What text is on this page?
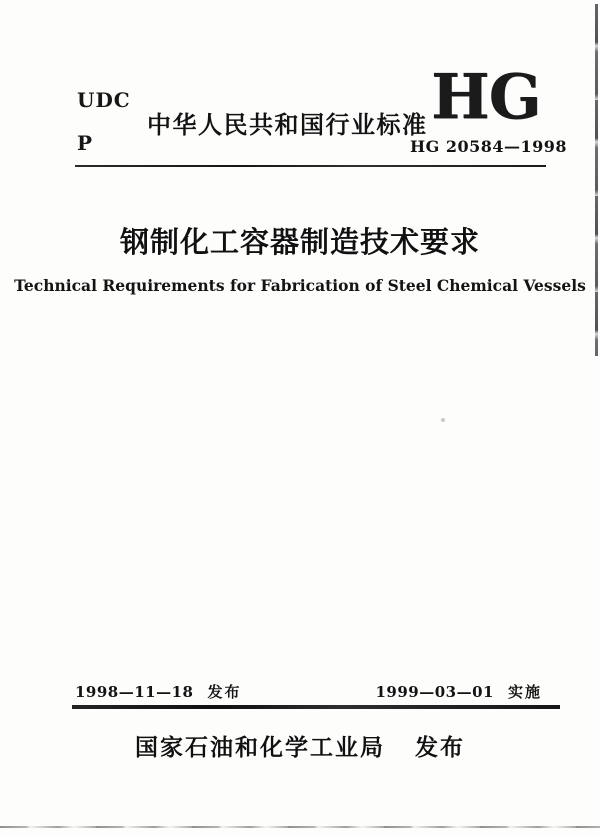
UDC
P
中华人民共和国行业标准 HG
HG 20584—1998
钢制化工容器制造技术要求
Technical Requirements for Fabrication of Steel Chemical Vessels
1998—11—18 发布	1999—03—01 实施
国家石油和化学工业局 发布
